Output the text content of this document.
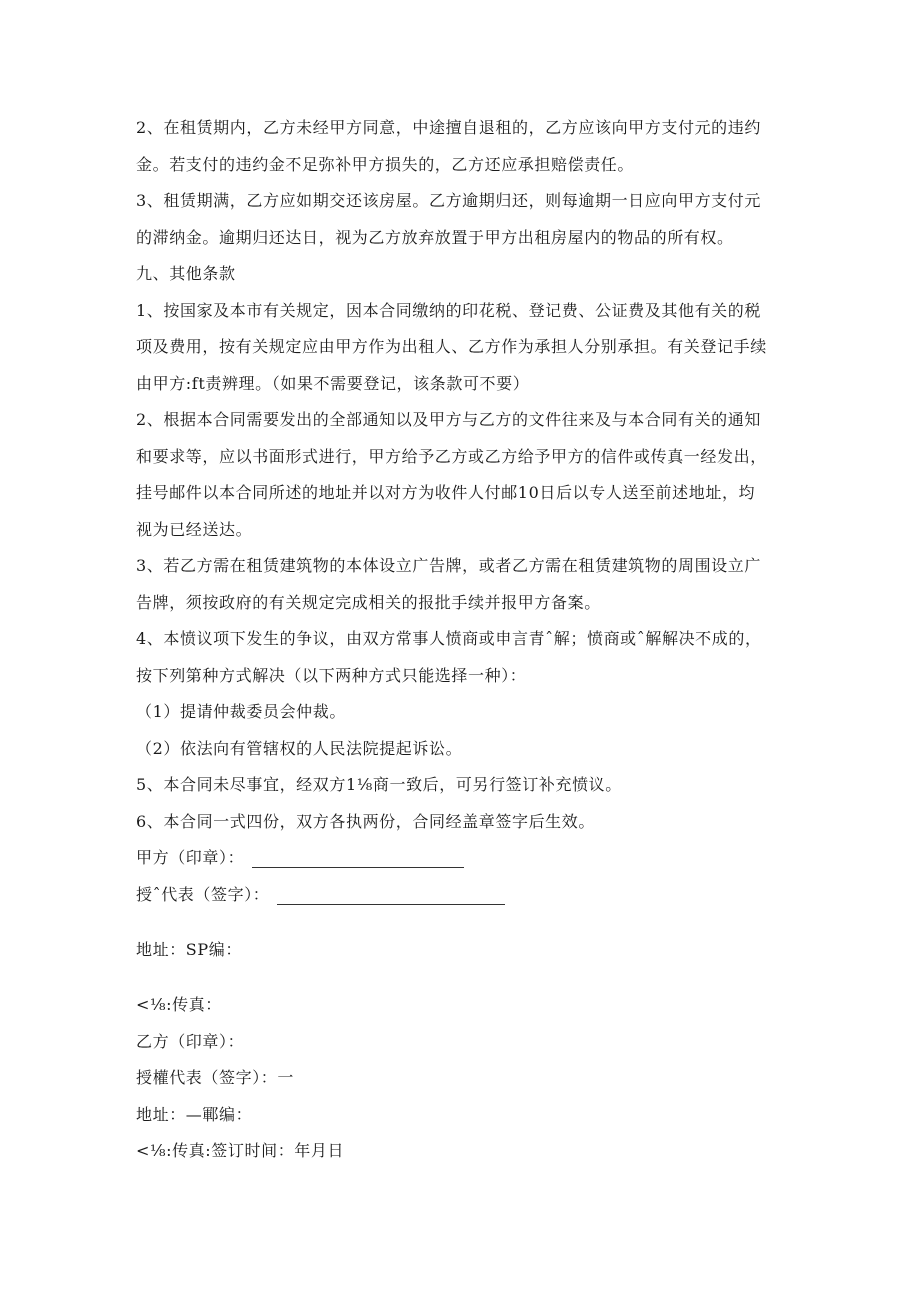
2、在租赁期内，乙方未经甲方同意，中途擅自退租的，乙方应该向甲方支付元的违约
金。若支付的违约金不足弥补甲方损失的，乙方还应承担赔偿责任。
3、租赁期满，乙方应如期交还该房屋。乙方逾期归还，则每逾期一日应向甲方支付元
的滞纳金。逾期归还达日，视为乙方放弃放置于甲方出租房屋内的物品的所有权。
九、其他条款
1、按国家及本市有关规定，因本合同缴纳的印花税、登记费、公证费及其他有关的税
项及费用，按有关规定应由甲方作为出租人、乙方作为承担人分别承担。有关登记手续
由甲方:ft责辨理。（如果不需要登记，该条款可不要）
2、根据本合同需要发出的全部通知以及甲方与乙方的文件往来及与本合同有关的通知
和要求等，应以书面形式进行，甲方给予乙方或乙方给予甲方的信件或传真一经发出，
挂号邮件以本合同所述的地址并以对方为收件人付邮10日后以专人送至前述地址，均
视为已经送达。
3、若乙方需在租赁建筑物的本体设立广告牌，或者乙方需在租赁建筑物的周围设立广
告牌，须按政府的有关规定完成相关的报批手续并报甲方备案。
4、本愤议项下发生的争议，由双方常事人愤商或申言青ˆ解；愤商或ˆ解解决不成的，
按下列第种方式解决（以下两种方式只能选择一种）：
（1）提请仲裁委员会仲裁。
（2）依法向有管辖权的人民法院提起诉讼。
5、本合同未尽事宜，经双方1⅛商一致后，可另行签订补充愤议。
6、本合同一式四份，双方各执两份，合同经盖章签字后生效。
甲方（印章）：
授ˆ代表（签字）：
地址：SP编：
<⅛:传真：
乙方（印章）：
授權代表（签字）：一
地址：—鄆编：
<⅛:传真:签订时间：年月日
